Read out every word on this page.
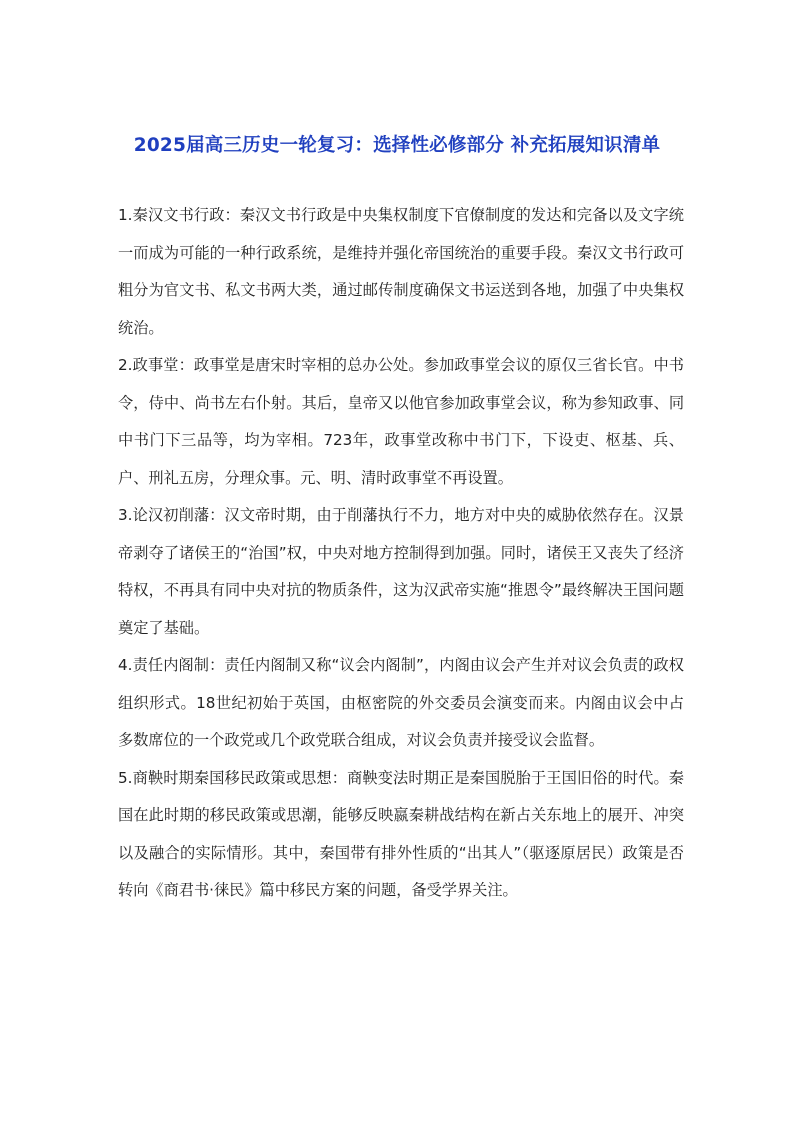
2025届高三历史一轮复习：选择性必修部分 补充拓展知识清单

1.秦汉文书行政：秦汉文书行政是中央集权制度下官僚制度的发达和完备以及文字统一而成为可能的一种行政系统，是维持并强化帝国统治的重要手段。秦汉文书行政可粗分为官文书、私文书两大类，通过邮传制度确保文书运送到各地，加强了中央集权统治。

2.政事堂：政事堂是唐宋时宰相的总办公处。参加政事堂会议的原仅三省长官。中书令，侍中、尚书左右仆射。其后，皇帝又以他官参加政事堂会议，称为参知政事、同中书门下三品等，均为宰相。723年，政事堂改称中书门下，下设吏、枢基、兵、户、刑礼五房，分理众事。元、明、清时政事堂不再设置。

3.论汉初削藩：汉文帝时期，由于削藩执行不力，地方对中央的威胁依然存在。汉景帝剥夺了诸侯王的“治国”权，中央对地方控制得到加强。同时，诸侯王又丧失了经济特权，不再具有同中央对抗的物质条件，这为汉武帝实施“推恩令”最终解决王国问题奠定了基础。

4.责任内阁制：责任内阁制又称“议会内阁制”，内阁由议会产生并对议会负责的政权组织形式。18世纪初始于英国，由枢密院的外交委员会演变而来。内阁由议会中占多数席位的一个政党或几个政党联合组成，对议会负责并接受议会监督。

5.商鞅时期秦国移民政策或思想：商鞅变法时期正是秦国脱胎于王国旧俗的时代。秦国在此时期的移民政策或思潮，能够反映嬴秦耕战结构在新占关东地上的展开、冲突以及融合的实际情形。其中，秦国带有排外性质的“出其人”（驱逐原居民）政策是否转向《商君书·徕民》篇中移民方案的问题，备受学界关注。
